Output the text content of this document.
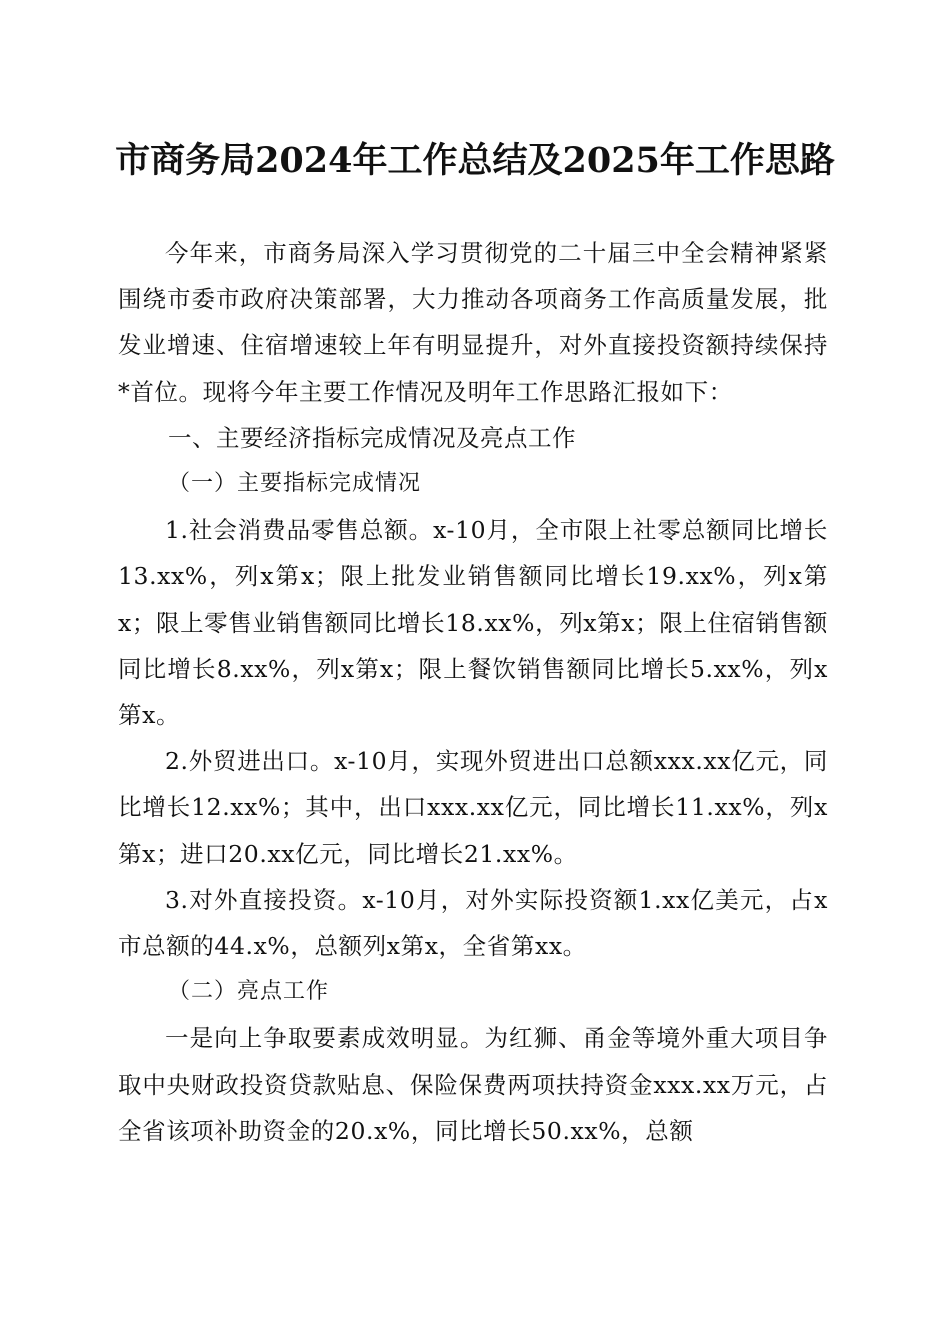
市商务局2024年工作总结及2025年工作思路

今年来，市商务局深入学习贯彻党的二十届三中全会精神紧紧围绕市委市政府决策部署，大力推动各项商务工作高质量发展，批发业增速、住宿增速较上年有明显提升，对外直接投资额持续保持*首位。现将今年主要工作情况及明年工作思路汇报如下：

一、主要经济指标完成情况及亮点工作

（一）主要指标完成情况

1.社会消费品零售总额。x-10月，全市限上社零总额同比增长13.xx%，列x第x；限上批发业销售额同比增长19.xx%，列x第x；限上零售业销售额同比增长18.xx%，列x第x；限上住宿销售额同比增长8.xx%，列x第x；限上餐饮销售额同比增长5.xx%，列x第x。

2.外贸进出口。x-10月，实现外贸进出口总额xxx.xx亿元，同比增长12.xx%；其中，出口xxx.xx亿元，同比增长11.xx%，列x第x；进口20.xx亿元，同比增长21.xx%。

3.对外直接投资。x-10月，对外实际投资额1.xx亿美元，占x市总额的44.x%，总额列x第x，全省第xx。

（二）亮点工作

一是向上争取要素成效明显。为红狮、甬金等境外重大项目争取中央财政投资贷款贴息、保险保费两项扶持资金xxx.xx万元，占全省该项补助资金的20.x%，同比增长50.xx%，总额
